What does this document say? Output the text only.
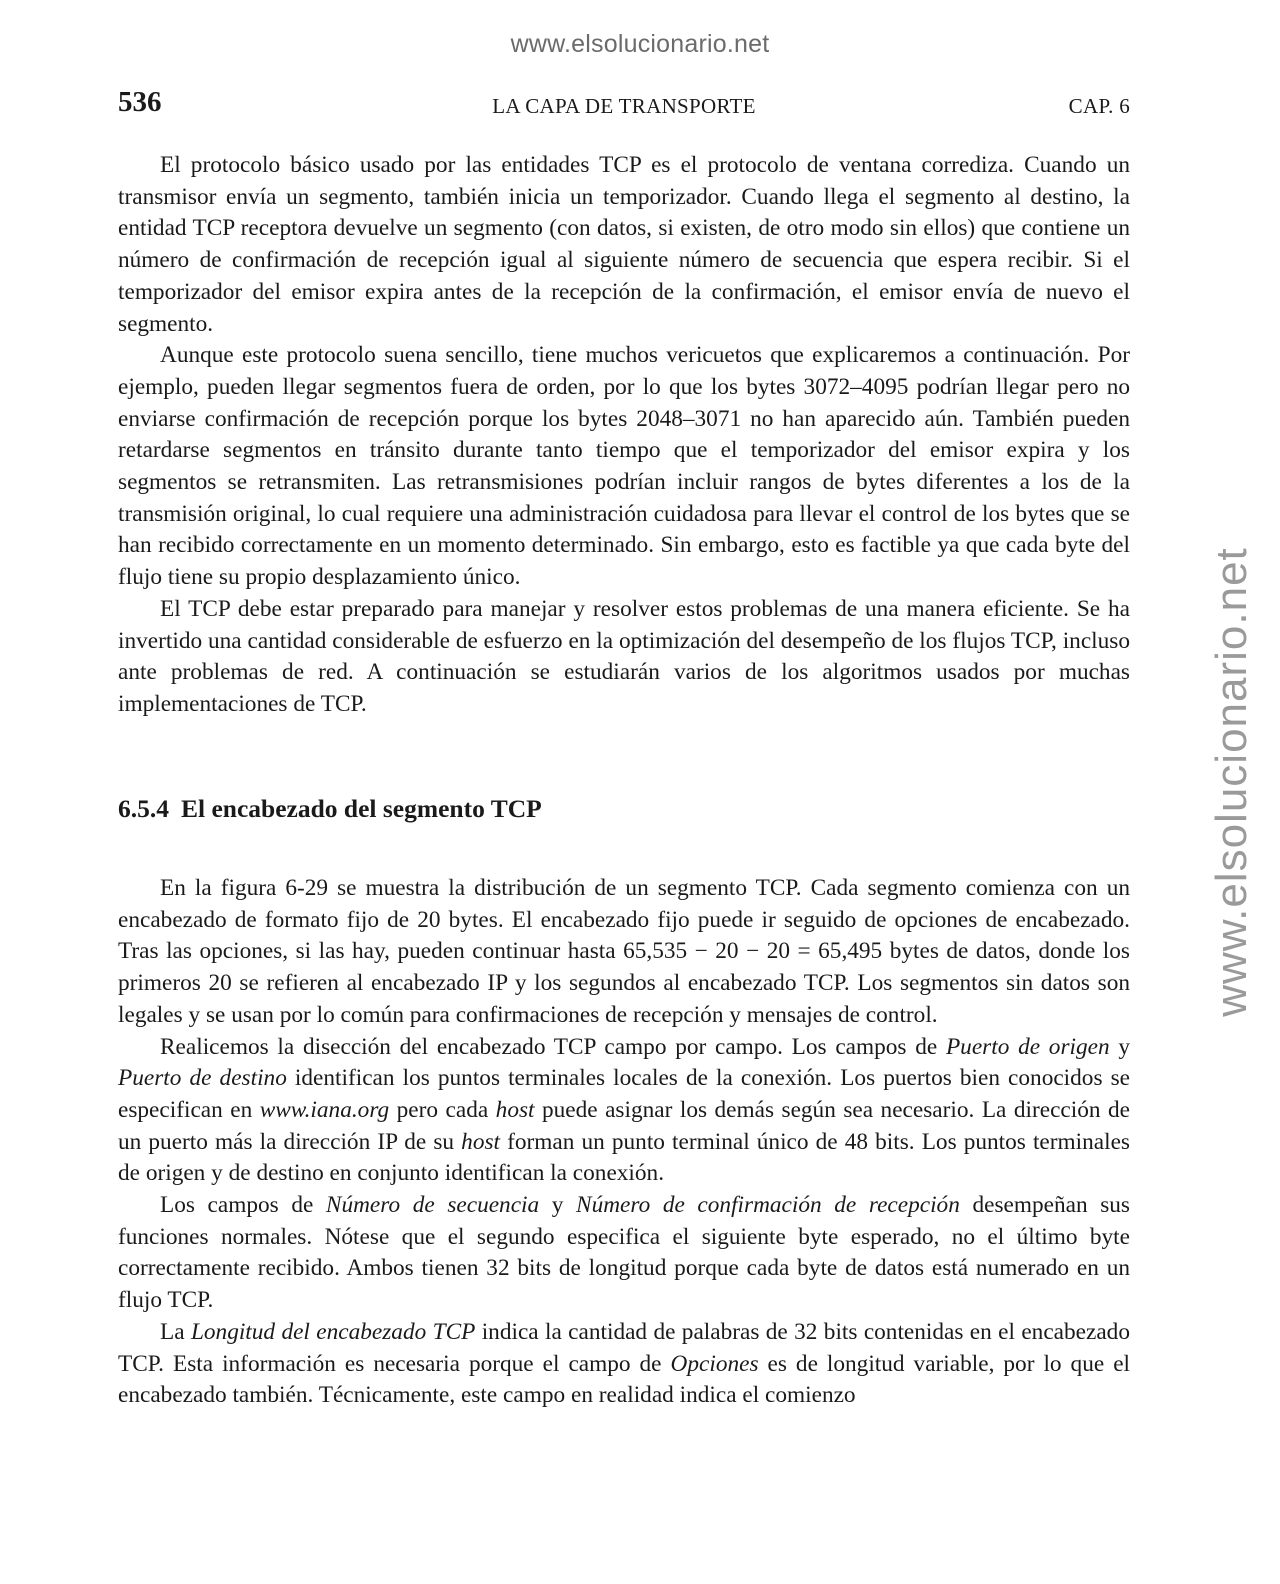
www.elsolucionario.net
www.elsolucionario.net
536	LA CAPA DE TRANSPORTE	CAP. 6

El protocolo básico usado por las entidades TCP es el protocolo de ventana corrediza. Cuando un transmisor envía un segmento, también inicia un temporizador. Cuando llega el segmento al destino, la entidad TCP receptora devuelve un segmento (con datos, si existen, de otro modo sin ellos) que contiene un número de confirmación de recepción igual al siguiente número de secuencia que espera recibir. Si el temporizador del emisor expira antes de la recepción de la confirmación, el emisor envía de nuevo el segmento.

Aunque este protocolo suena sencillo, tiene muchos vericuetos que explicaremos a continuación. Por ejemplo, pueden llegar segmentos fuera de orden, por lo que los bytes 3072–4095 podrían llegar pero no enviarse confirmación de recepción porque los bytes 2048–3071 no han aparecido aún. También pueden retardarse segmentos en tránsito durante tanto tiempo que el temporizador del emisor expira y los segmentos se retransmiten. Las retransmisiones podrían incluir rangos de bytes diferentes a los de la transmisión original, lo cual requiere una administración cuidadosa para llevar el control de los bytes que se han recibido correctamente en un momento determinado. Sin embargo, esto es factible ya que cada byte del flujo tiene su propio desplazamiento único.

El TCP debe estar preparado para manejar y resolver estos problemas de una manera eficiente. Se ha invertido una cantidad considerable de esfuerzo en la optimización del desempeño de los flujos TCP, incluso ante problemas de red. A continuación se estudiarán varios de los algoritmos usados por muchas implementaciones de TCP.

6.5.4 El encabezado del segmento TCP

En la figura 6-29 se muestra la distribución de un segmento TCP. Cada segmento comienza con un encabezado de formato fijo de 20 bytes. El encabezado fijo puede ir seguido de opciones de encabezado. Tras las opciones, si las hay, pueden continuar hasta 65,535 − 20 − 20 = 65,495 bytes de datos, donde los primeros 20 se refieren al encabezado IP y los segundos al encabezado TCP. Los segmentos sin datos son legales y se usan por lo común para confirmaciones de recepción y mensajes de control.

Realicemos la disección del encabezado TCP campo por campo. Los campos de Puerto de origen y Puerto de destino identifican los puntos terminales locales de la conexión. Los puertos bien conocidos se especifican en www.iana.org pero cada host puede asignar los demás según sea necesario. La dirección de un puerto más la dirección IP de su host forman un punto terminal único de 48 bits. Los puntos terminales de origen y de destino en conjunto identifican la conexión.

Los campos de Número de secuencia y Número de confirmación de recepción desempeñan sus funciones normales. Nótese que el segundo especifica el siguiente byte esperado, no el último byte correctamente recibido. Ambos tienen 32 bits de longitud porque cada byte de datos está numerado en un flujo TCP.

La Longitud del encabezado TCP indica la cantidad de palabras de 32 bits contenidas en el encabezado TCP. Esta información es necesaria porque el campo de Opciones es de longitud variable, por lo que el encabezado también. Técnicamente, este campo en realidad indica el comienzo
